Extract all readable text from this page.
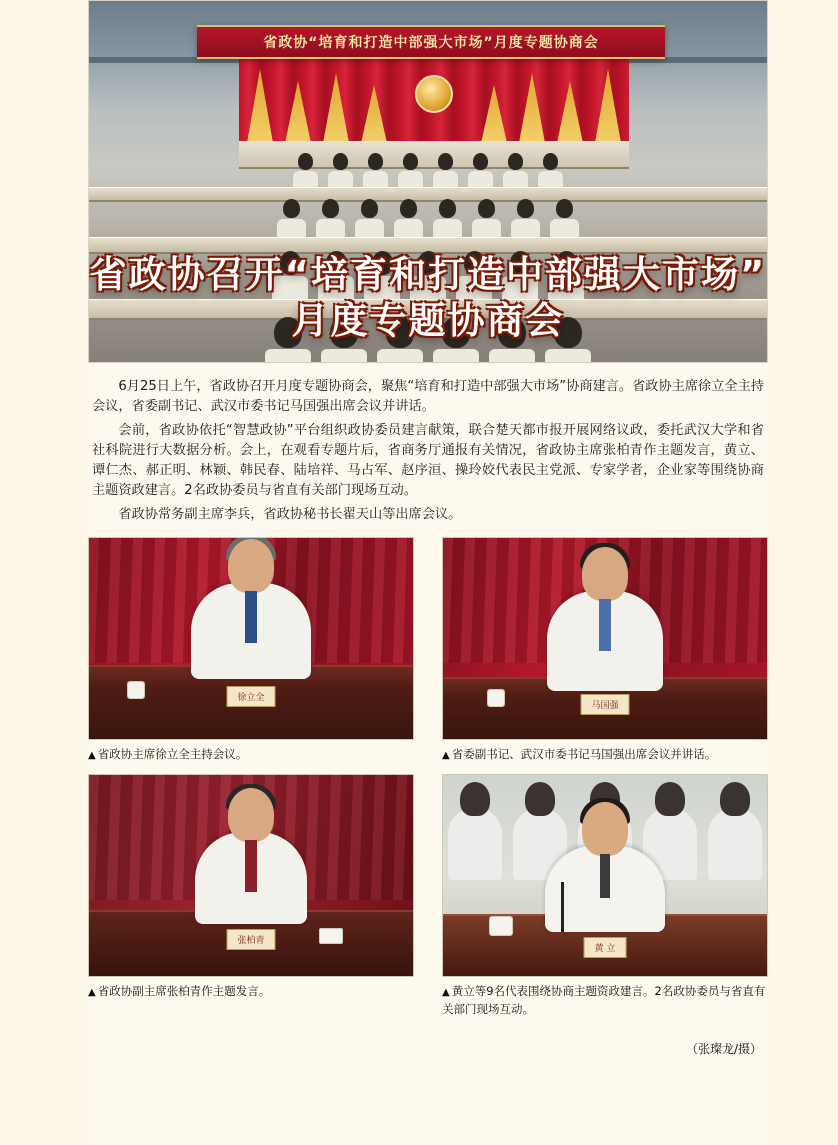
省政协“培育和打造中部强大市场”月度专题协商会
省政协召开“培育和打造中部强大市场”
月度专题协商会

6月25日上午，省政协召开月度专题协商会，聚焦“培育和打造中部强大市场”协商建言。省政协主席徐立全主持会议，省委副书记、武汉市委书记马国强出席会议并讲话。

会前，省政协依托“智慧政协”平台组织政协委员建言献策，联合楚天都市报开展网络议政，委托武汉大学和省社科院进行大数据分析。会上，在观看专题片后，省商务厅通报有关情况，省政协主席张柏青作主题发言，黄立、谭仁杰、郝正明、林颖、韩民春、陆培祥、马占军、赵序洹、操玲姣代表民主党派、专家学者，企业家等围绕协商主题资政建言。2名政协委员与省直有关部门现场互动。

省政协常务副主席李兵，省政协秘书长翟天山等出席会议。

徐立全
▲ 省政协主席徐立全主持会议。
马国强
▲ 省委副书记、武汉市委书记马国强出席会议并讲话。
张柏青
▲ 省政协副主席张柏青作主题发言。
黄 立
▲ 黄立等9名代表围绕协商主题资政建言。2名政协委员与省直有关部门现场互动。
（张璨龙/摄）
